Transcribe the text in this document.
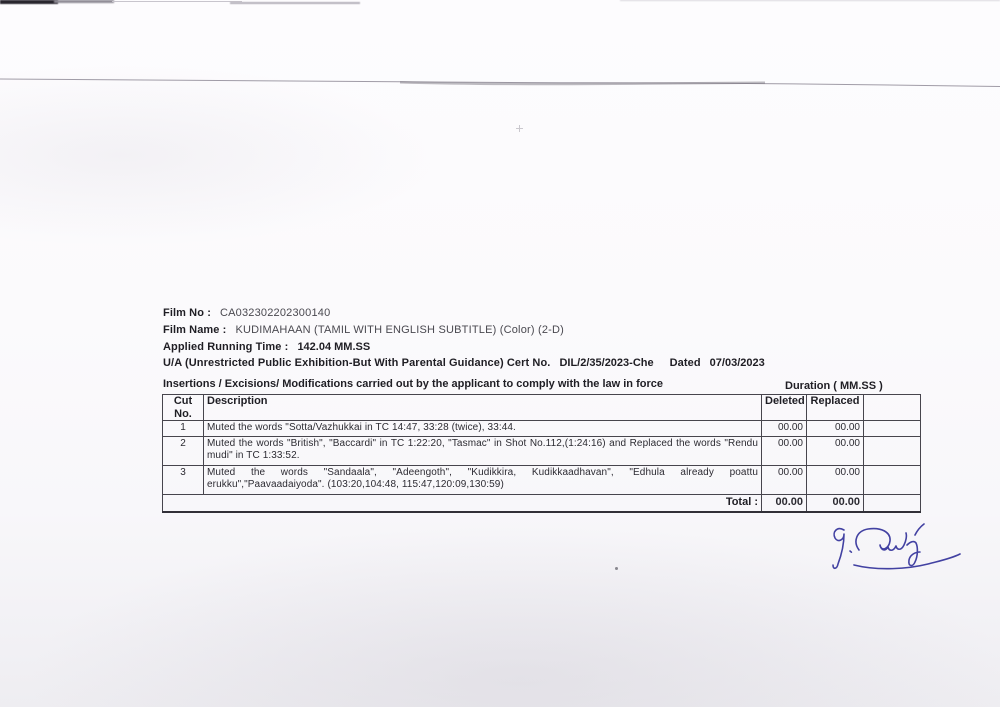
Film No : CA032302202300140
Film Name : KUDIMAHAAN (TAMIL WITH ENGLISH SUBTITLE) (Color) (2-D)
Applied Running Time : 142.04 MM.SS
U/A (Unrestricted Public Exhibition-But With Parental Guidance) Cert No. DIL/2/35/2023-Che Dated 07/03/2023
Insertions / Excisions/ Modifications carried out by the applicant to comply with the law in force	Duration ( MM.SS )
Cut No.	Description	Deleted	Replaced	
1	Muted the words "Sotta/Vazhukkai in TC 14:47, 33:28 (twice), 33:44.	00.00	00.00	
2	Muted the words "British", "Baccardi" in TC 1:22:20, "Tasmac" in Shot No.112,(1:24:16) and Replaced the words "Rendu mudi" in TC 1:33:52.	00.00	00.00	
3	Muted the words "Sandaala", "Adeengoth", "Kudikkira, Kudikkaadhavan", "Edhula already poattu erukku","Paavaadaiyoda". (103:20,104:48, 115:47,120:09,130:59)	00.00	00.00	
Total :		00.00	00.00	
